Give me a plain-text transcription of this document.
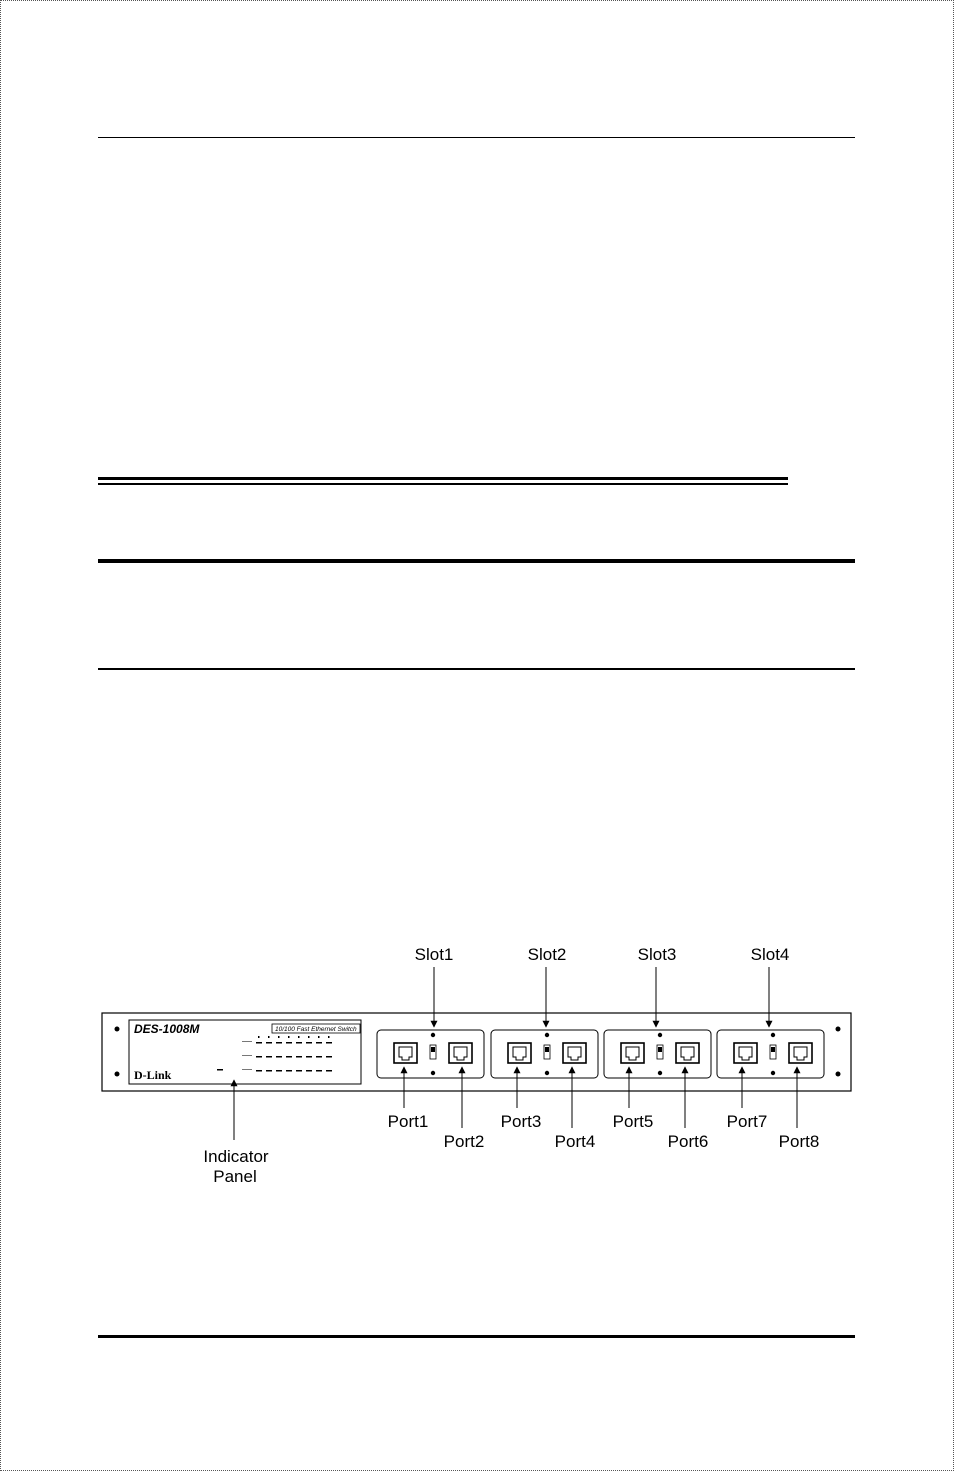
DES-1008M
D-Link
10/100 Fast Ethernet Switch
Slot1	Slot2	Slot3	Slot4
Port1
Port2
Port3
Port4
Port5
Port6
Port7
Port8
Indicator
Panel
